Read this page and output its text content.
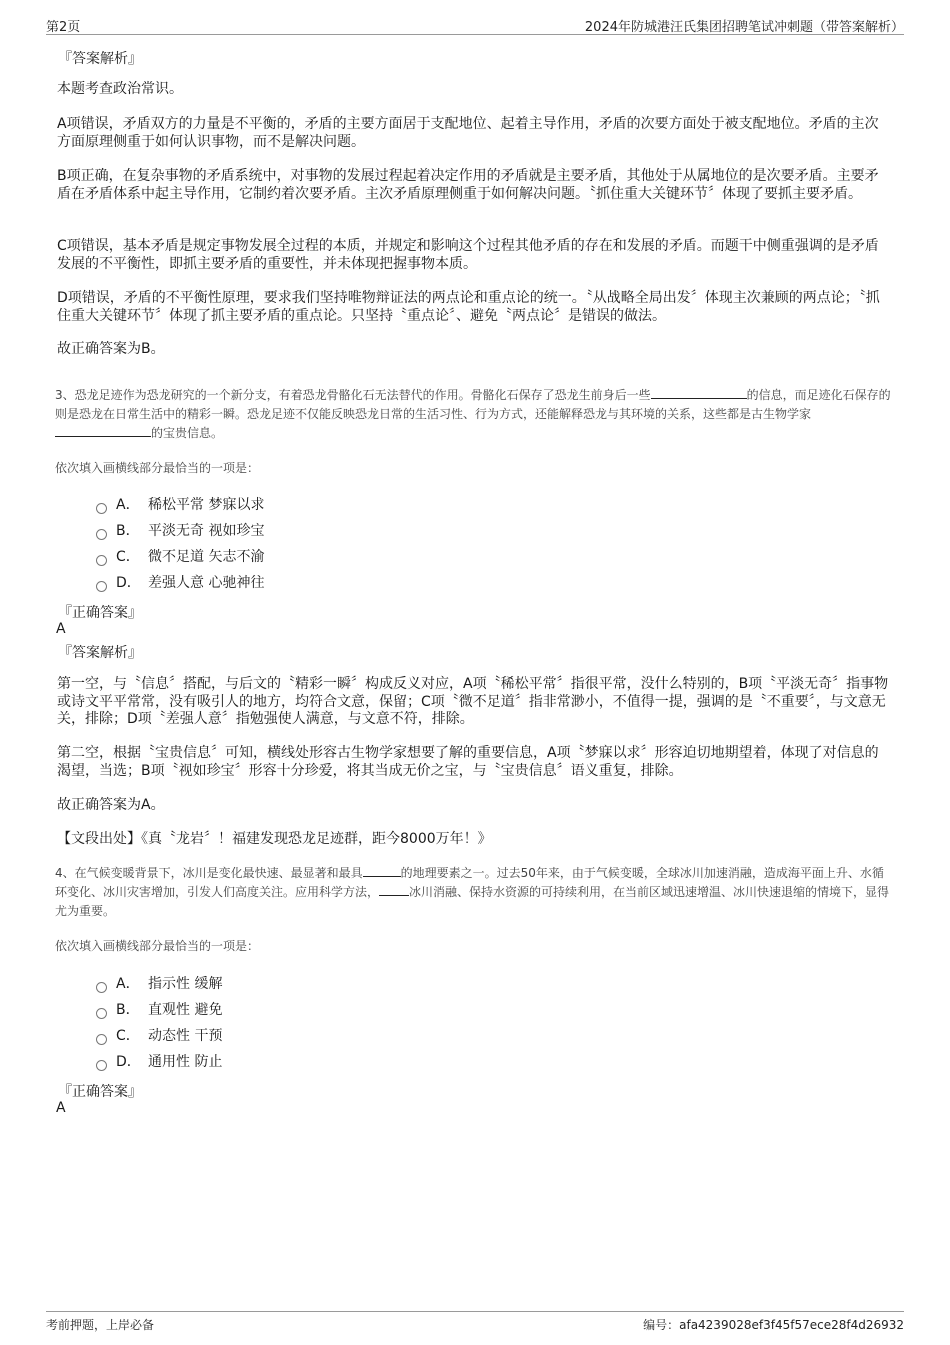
第2页	2024年防城港汪氏集团招聘笔试冲刺题（带答案解析）

『答案解析』

本题考查政治常识。

A项错误，矛盾双方的力量是不平衡的，矛盾的主要方面居于支配地位、起着主导作用，矛盾的次要方面处于被支配地位。矛盾的主次方面原理侧重于如何认识事物，而不是解决问题。

B项正确，在复杂事物的矛盾系统中，对事物的发展过程起着决定作用的矛盾就是主要矛盾，其他处于从属地位的是次要矛盾。主要矛盾在矛盾体系中起主导作用，它制约着次要矛盾。主次矛盾原理侧重于如何解决问题。〝抓住重大关键环节〞体现了要抓主要矛盾。

C项错误，基本矛盾是规定事物发展全过程的本质，并规定和影响这个过程其他矛盾的存在和发展的矛盾。而题干中侧重强调的是矛盾发展的不平衡性，即抓主要矛盾的重要性，并未体现把握事物本质。

D项错误，矛盾的不平衡性原理，要求我们坚持唯物辩证法的两点论和重点论的统一。〝从战略全局出发〞体现主次兼顾的两点论；〝抓住重大关键环节〞体现了抓主要矛盾的重点论。只坚持〝重点论〞、避免〝两点论〞是错误的做法。

故正确答案为B。

3、恐龙足迹作为恐龙研究的一个新分支，有着恐龙骨骼化石无法替代的作用。骨骼化石保存了恐龙生前身后一些	的信息，而足迹化石保存的则是恐龙在日常生活中的精彩一瞬。恐龙足迹不仅能反映恐龙日常的生活习性、行为方式，还能解释恐龙与其环境的关系，这些都是古生物学家的宝贵信息。

依次填入画横线部分最恰当的一项是：

A． 稀松平常 梦寐以求
B． 平淡无奇 视如珍宝
C． 微不足道 矢志不渝
D． 差强人意 心驰神往

『正确答案』

A

『答案解析』

第一空，与〝信息〞搭配，与后文的〝精彩一瞬〞构成反义对应，A项〝稀松平常〞指很平常，没什么特别的，B项〝平淡无奇〞指事物或诗文平平常常，没有吸引人的地方，均符合文意，保留；C项〝微不足道〞指非常渺小，不值得一提，强调的是〝不重要〞，与文意无关，排除；D项〝差强人意〞指勉强使人满意，与文意不符，排除。

第二空，根据〝宝贵信息〞可知，横线处形容古生物学家想要了解的重要信息，A项〝梦寐以求〞形容迫切地期望着，体现了对信息的渴望，当选；B项〝视如珍宝〞形容十分珍爱，将其当成无价之宝，与〝宝贵信息〞语义重复，排除。

故正确答案为A。

【文段出处】《真〝龙岩〞！福建发现恐龙足迹群，距今8000万年！》

4、在气候变暖背景下，冰川是变化最快速、最显著和最具	的地理要素之一。过去50年来，由于气候变暖，全球冰川加速消融，造成海平面上升、水循环变化、冰川灾害增加，引发人们高度关注。应用科学方法，	冰川消融、保持水资源的可持续利用，在当前区域迅速增温、冰川快速退缩的情境下，显得尤为重要。

依次填入画横线部分最恰当的一项是：

A． 指示性 缓解
B． 直观性 避免
C． 动态性 干预
D． 通用性 防止

『正确答案』

A

考前押题，上岸必备	编号：afa4239028ef3f45f57ece28f4d26932
